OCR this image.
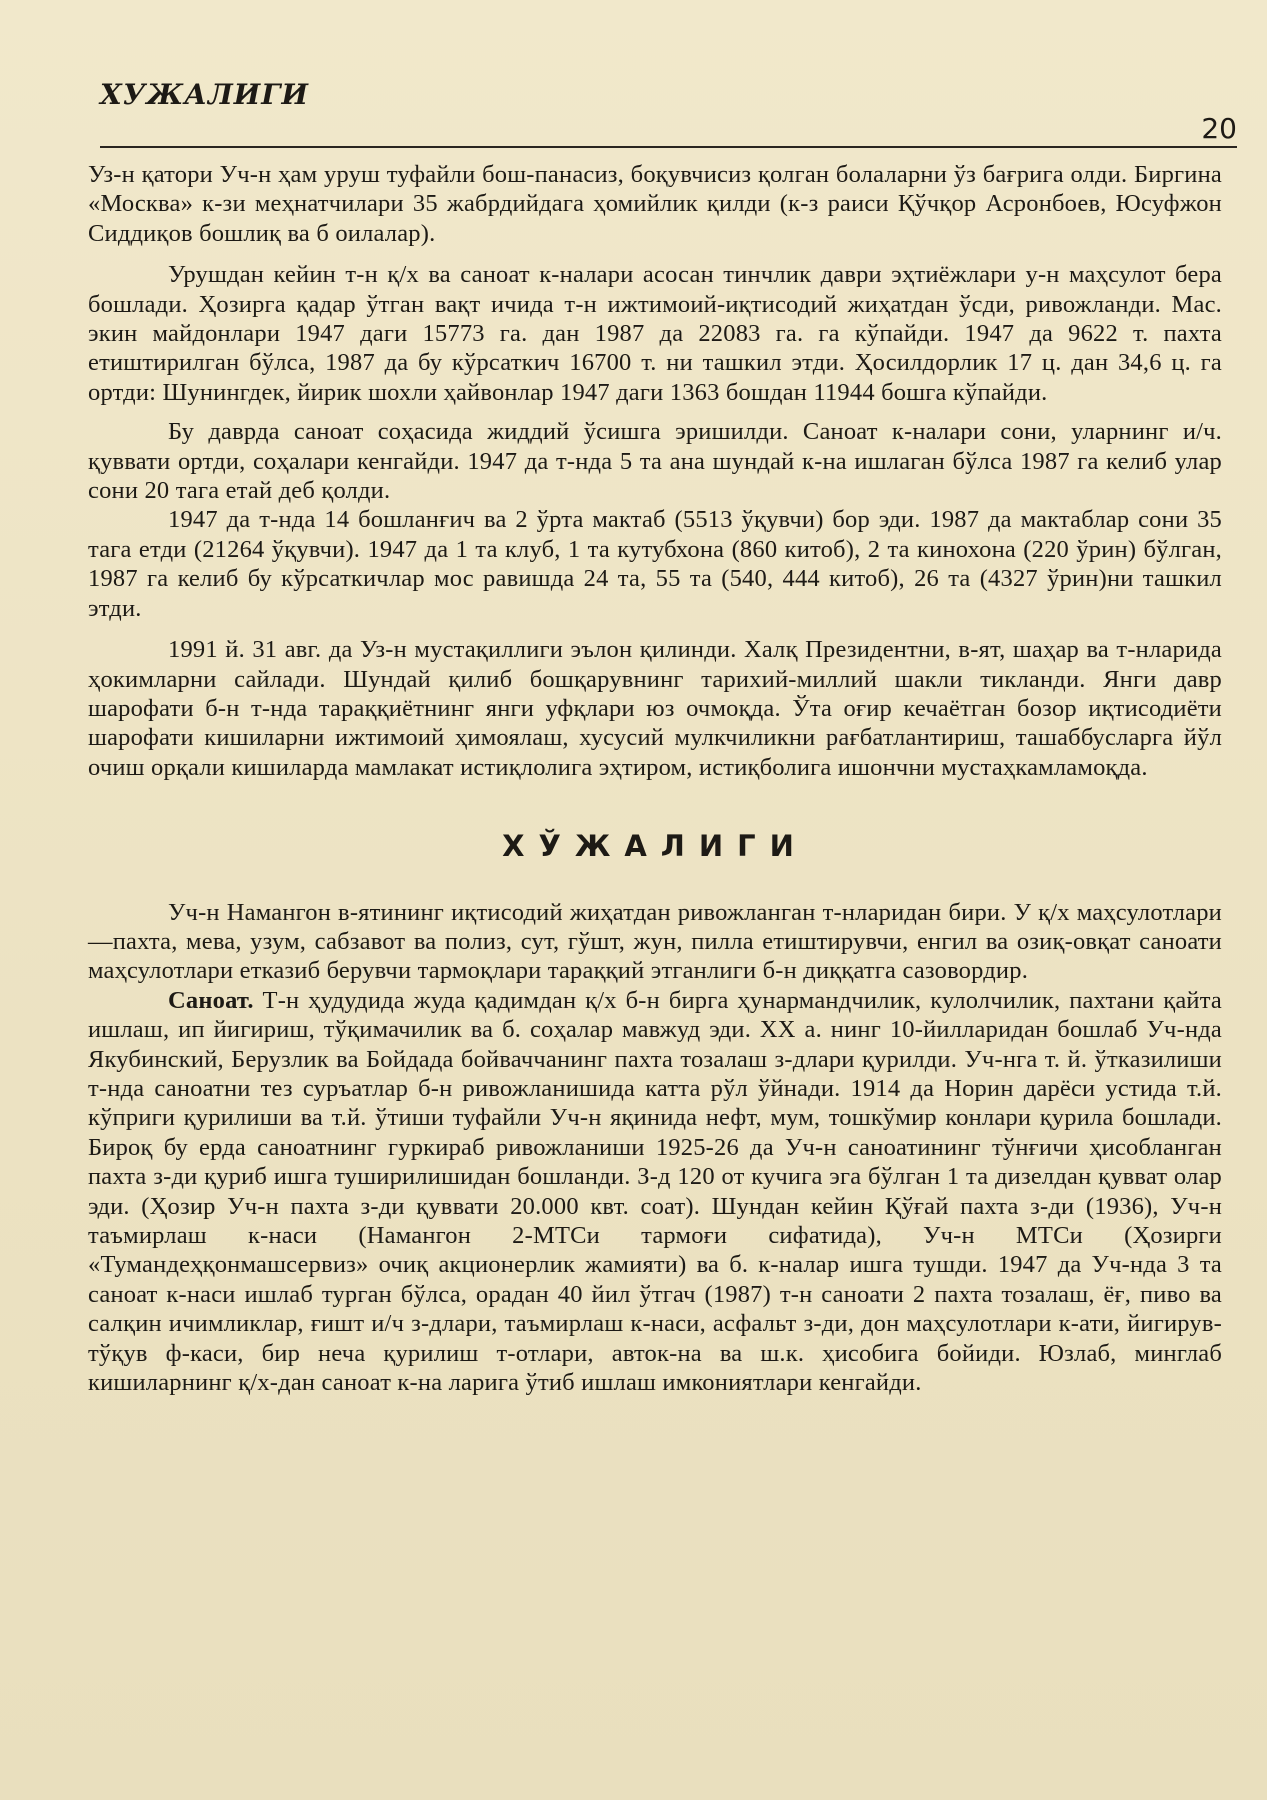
ХУЖАЛИГИ
20

Уз-н қатори Уч-н ҳам уруш туфайли бош-панасиз, боқувчисиз қолган болаларни ўз бағрига олди. Биргина «Москва» к-зи меҳнатчилари 35 жабрдийдага ҳомийлик қилди (к-з раиси Қўчқор Асронбоев, Юсуфжон Сиддиқов бошлиқ ва б оилалар).

Урушдан кейин т-н қ/х ва саноат к-налари асосан тинчлик даври эҳтиёжлари у-н маҳсулот бера бошлади. Ҳозирга қадар ўтган вақт ичида т-н ижтимоий-иқтисодий жиҳатдан ўсди, ривожланди. Мас. экин майдонлари 1947 даги 15773 га. дан 1987 да 22083 га. га кўпайди. 1947 да 9622 т. пахта етиштирилган бўлса, 1987 да бу кўрсаткич 16700 т. ни ташкил этди. Ҳосилдорлик 17 ц. дан 34,6 ц. га ортди: Шунингдек, йирик шохли ҳайвонлар 1947 даги 1363 бошдан 11944 бошга кўпайди.

Бу даврда саноат соҳасида жиддий ўсишга эришилди. Саноат к-налари сони, уларнинг и/ч. қуввати ортди, соҳалари кенгайди. 1947 да т-нда 5 та ана шундай к-на ишлаган бўлса 1987 га келиб улар сони 20 тага етай деб қолди.

1947 да т-нда 14 бошланғич ва 2 ўрта мактаб (5513 ўқувчи) бор эди. 1987 да мактаблар сони 35 тага етди (21264 ўқувчи). 1947 да 1 та клуб, 1 та кутубхона (860 китоб), 2 та кинохона (220 ўрин) бўлган, 1987 га келиб бу кўрсаткичлар мос равишда 24 та, 55 та (540, 444 китоб), 26 та (4327 ўрин)ни ташкил этди.

1991 й. 31 авг. да Уз-н мустақиллиги эълон қилинди. Халқ Президентни, в-ят, шаҳар ва т-нларида ҳокимларни сайлади. Шундай қилиб бошқарувнинг тарихий-миллий шакли тикланди. Янги давр шарофати б-н т-нда тараққиётнинг янги уфқлари юз очмоқда. Ўта оғир кечаётган бозор иқтисодиёти шарофати кишиларни ижтимоий ҳимоялаш, хусусий мулкчиликни рағбатлантириш, ташаббусларга йўл очиш орқали кишиларда мамлакат истиқлолига эҳтиром, истиқболига ишончни мустаҳкамламоқда.

ХЎЖАЛИГИ

Уч-н Намангон в-ятининг иқтисодий жиҳатдан ривожланган т-нларидан бири. У қ/х маҳсулотлари—пахта, мева, узум, сабзавот ва полиз, сут, гўшт, жун, пилла етиштирувчи, енгил ва озиқ-овқат саноати маҳсулотлари етказиб берувчи тармоқлари тараққий этганлиги б-н диққатга сазовордир.

Саноат. Т-н ҳудудида жуда қадимдан қ/х б-н бирга ҳунармандчилик, кулолчилик, пахтани қайта ишлаш, ип йигириш, тўқимачилик ва б. соҳалар мавжуд эди. XX а. нинг 10-йилларидан бошлаб Уч-нда Якубинский, Берузлик ва Бойдада бойваччанинг пахта тозалаш з-длари қурилди. Уч-нга т. й. ўтказилиши т-нда саноатни тез суръатлар б-н ривожланишида катта рўл ўйнади. 1914 да Норин дарёси устида т.й. кўприги қурилиши ва т.й. ўтиши туфайли Уч-н яқинида нефт, мум, тошкўмир конлари қурила бошлади. Бироқ бу ерда саноатнинг гуркираб ривожланиши 1925-26 да Уч-н саноатининг тўнғичи ҳисобланган пахта з-ди қуриб ишга туширилишидан бошланди. З-д 120 от кучига эга бўлган 1 та дизелдан қувват олар эди. (Ҳозир Уч-н пахта з-ди қуввати 20.000 квт. соат). Шундан кейин Қўғай пахта з-ди (1936), Уч-н таъмирлаш к-наси (Намангон 2-МТСи тармоғи сифатида), Уч-н МТСи (Ҳозирги «Тумандеҳқонмашсервиз» очиқ акционерлик жамияти) ва б. к-налар ишга тушди. 1947 да Уч-нда 3 та саноат к-наси ишлаб турган бўлса, орадан 40 йил ўтгач (1987) т-н саноати 2 пахта тозалаш, ёғ, пиво ва салқин ичимликлар, ғишт и/ч з-длари, таъмирлаш к-наси, асфальт з-ди, дон маҳсулотлари к-ати, йигирув-тўқув ф-каси, бир неча қурилиш т-отлари, авток-на ва ш.к. ҳисобига бойиди. Юзлаб, минглаб кишиларнинг қ/х-дан саноат к-на ларига ўтиб ишлаш имкониятлари кенгайди.
